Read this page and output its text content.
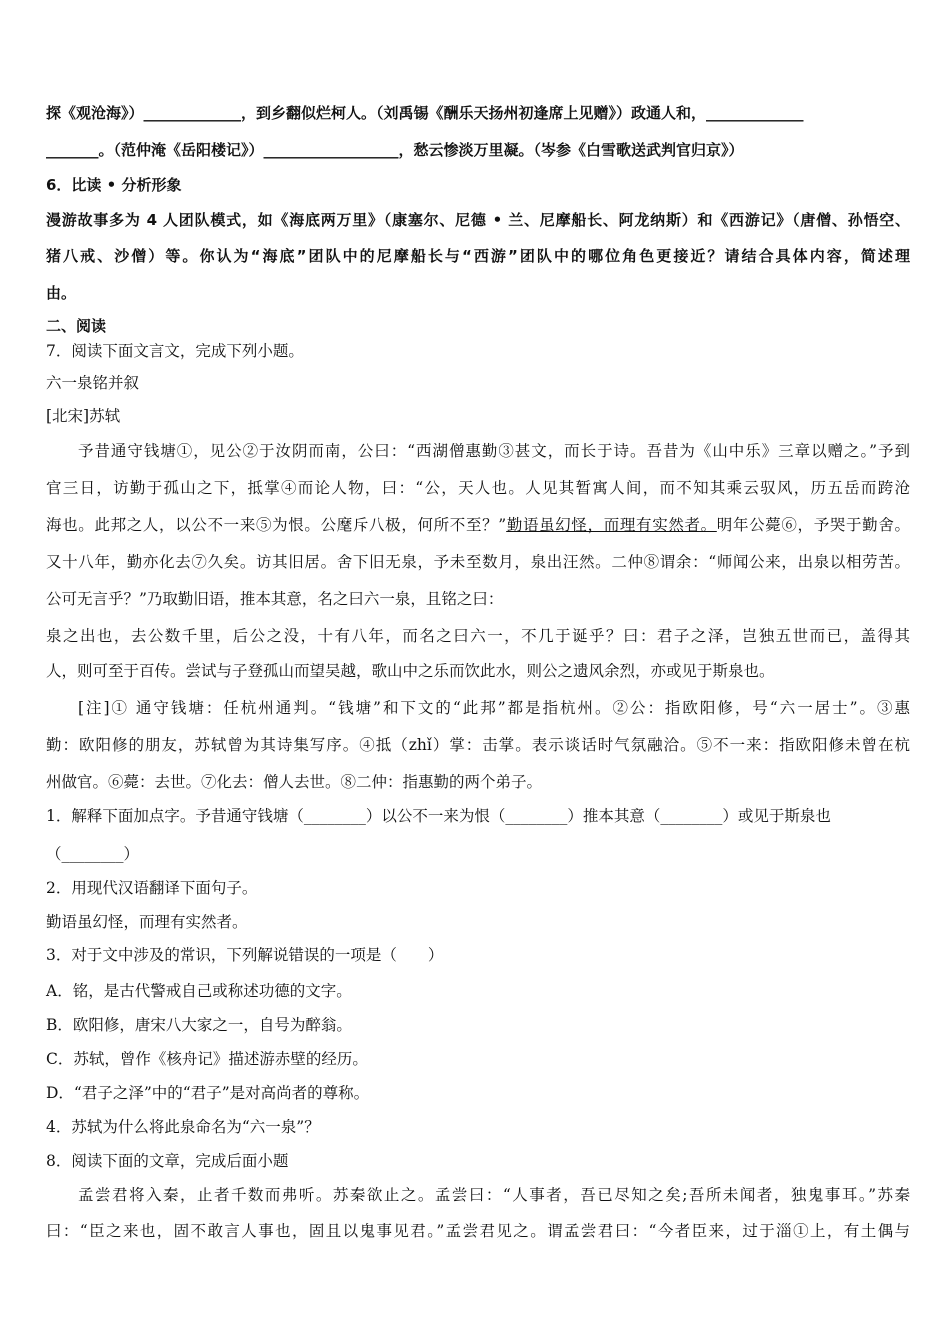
探《观沧海》）_____________，到乡翻似烂柯人。（刘禹锡《酬乐天扬州初逢席上见赠》）政通人和，_____________
_______。（范仲淹《岳阳楼记》）__________________，愁云惨淡万里凝。（岑参《白雪歌送武判官归京》）
6．比读 • 分析形象
漫游故事多为 4 人团队模式，如《海底两万里》（康塞尔、尼德 • 兰、尼摩船长、阿龙纳斯）和《西游记》（唐僧、孙悟空、
猪八戒、沙僧）等。你认为“海底”团队中的尼摩船长与“西游”团队中的哪位角色更接近？请结合具体内容，简述理
由。
二、阅读
7．阅读下面文言文，完成下列小题。
六一泉铭并叙
[北宋]苏轼
予昔通守钱塘①，见公②于汝阴而南，公曰：“西湖僧惠勤③甚文，而长于诗。吾昔为《山中乐》三章以赠之。”予到
官三日，访勤于孤山之下，抵掌④而论人物，曰：“公，天人也。人见其暂寓人间，而不知其乘云驭风，历五岳而跨沧
海也。此邦之人，以公不一来⑤为恨。公麾斥八极，何所不至？”勤语虽幻怪，而理有实然者。明年公薨⑥，予哭于勤舍。
又十八年，勤亦化去⑦久矣。访其旧居。舍下旧无泉，予未至数月，泉出汪然。二仲⑧谓余：“师闻公来，出泉以相劳苦。
公可无言乎？”乃取勤旧语，推本其意，名之曰六一泉，且铭之曰：
泉之出也，去公数千里，后公之没，十有八年，而名之曰六一，不几于诞乎？曰：君子之泽，岂独五世而已，盖得其
人，则可至于百传。尝试与子登孤山而望吴越，歌山中之乐而饮此水，则公之遗风余烈，亦或见于斯泉也。
[注]① 通守钱塘：任杭州通判。“钱塘”和下文的“此邦”都是指杭州。②公：指欧阳修，号“六一居士”。③惠
勤：欧阳修的朋友，苏轼曾为其诗集写序。④抵（zhǐ）掌：击掌。表示谈话时气氛融洽。⑤不一来：指欧阳修未曾在杭
州做官。⑥薨：去世。⑦化去：僧人去世。⑧二仲：指惠勤的两个弟子。
1．解释下面加点字。予昔通守钱塘（________）以公不一来为恨（________）推本其意（________）或见于斯泉也
（________）
2．用现代汉语翻译下面句子。
勤语虽幻怪，而理有实然者。
3．对于文中涉及的常识，下列解说错误的一项是（　　）
A．铭，是古代警戒自己或称述功德的文字。
B．欧阳修，唐宋八大家之一，自号为醉翁。
C．苏轼，曾作《核舟记》描述游赤壁的经历。
D．“君子之泽”中的“君子”是对高尚者的尊称。
4．苏轼为什么将此泉命名为“六一泉”？
8．阅读下面的文章，完成后面小题
孟尝君将入秦，止者千数而弗听。苏秦欲止之。孟尝曰：“人事者，吾已尽知之矣;吾所未闻者，独鬼事耳。”苏秦
曰：“臣之来也，固不敢言人事也，固且以鬼事见君。”孟尝君见之。谓孟尝君曰：“今者臣来，过于淄①上，有土偶与
